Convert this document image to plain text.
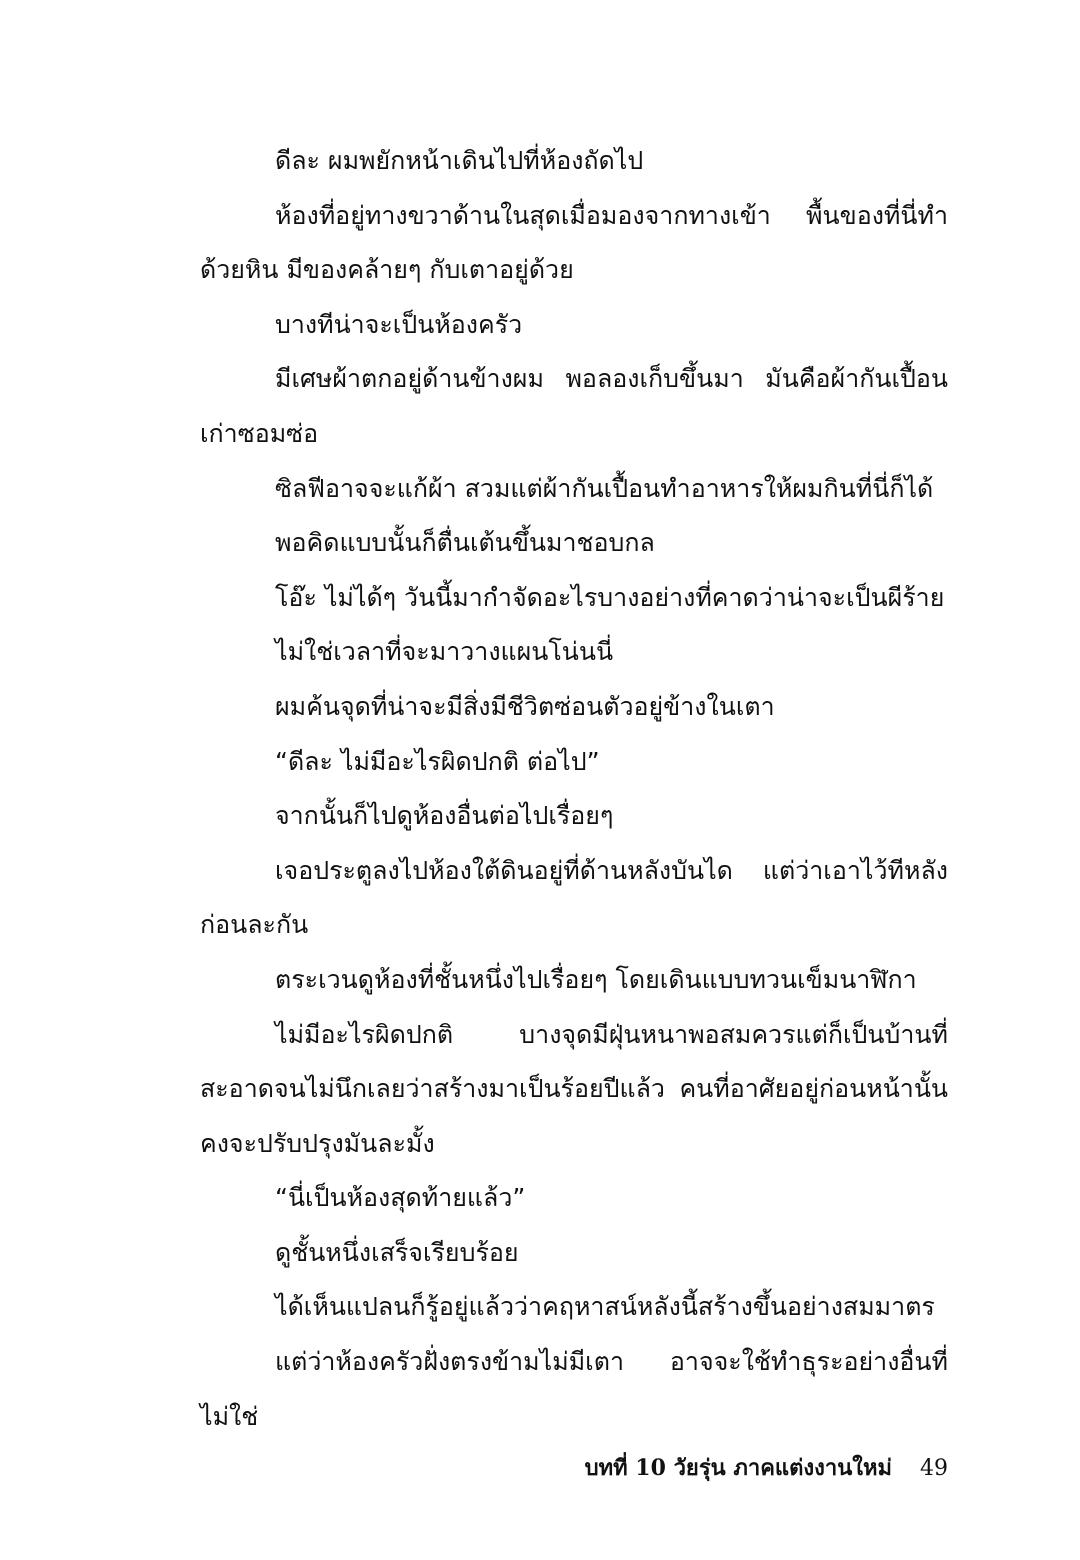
ดีละ ผมพยักหน้าเดินไปที่ห้องถัดไป

ห้องที่อยู่ทางขวาด้านในสุดเมื่อมองจากทางเข้า พื้นของที่นี่ทำด้วยหิน มีของคล้ายๆ กับเตาอยู่ด้วย

บางทีน่าจะเป็นห้องครัว

มีเศษผ้าตกอยู่ด้านข้างผม พอลองเก็บขึ้นมา มันคือผ้ากันเปื้อนเก่าซอมซ่อ

ซิลฟีอาจจะแก้ผ้า สวมแต่ผ้ากันเปื้อนทำอาหารให้ผมกินที่นี่ก็ได้

พอคิดแบบนั้นก็ตื่นเต้นขึ้นมาชอบกล

โอ๊ะ ไม่ได้ๆ วันนี้มากำจัดอะไรบางอย่างที่คาดว่าน่าจะเป็นผีร้าย

ไม่ใช่เวลาที่จะมาวางแผนโน่นนี่

ผมค้นจุดที่น่าจะมีสิ่งมีชีวิตซ่อนตัวอยู่ข้างในเตา

“ดีละ ไม่มีอะไรผิดปกติ ต่อไป”

จากนั้นก็ไปดูห้องอื่นต่อไปเรื่อยๆ

เจอประตูลงไปห้องใต้ดินอยู่ที่ด้านหลังบันได แต่ว่าเอาไว้ทีหลังก่อนละกัน

ตระเวนดูห้องที่ชั้นหนึ่งไปเรื่อยๆ โดยเดินแบบทวนเข็มนาฬิกา

ไม่มีอะไรผิดปกติ บางจุดมีฝุ่นหนาพอสมควรแต่ก็เป็นบ้านที่สะอาดจนไม่นึกเลยว่าสร้างมาเป็นร้อยปีแล้ว คนที่อาศัยอยู่ก่อนหน้านั้นคงจะปรับปรุงมันละมั้ง

“นี่เป็นห้องสุดท้ายแล้ว”

ดูชั้นหนึ่งเสร็จเรียบร้อย

ได้เห็นแปลนก็รู้อยู่แล้วว่าคฤหาสน์หลังนี้สร้างขึ้นอย่างสมมาตร

แต่ว่าห้องครัวฝั่งตรงข้ามไม่มีเตา อาจจะใช้ทำธุระอย่างอื่นที่ไม่ใช่

บทที่ 10 วัยรุ่น ภาคแต่งงานใหม่ 49
